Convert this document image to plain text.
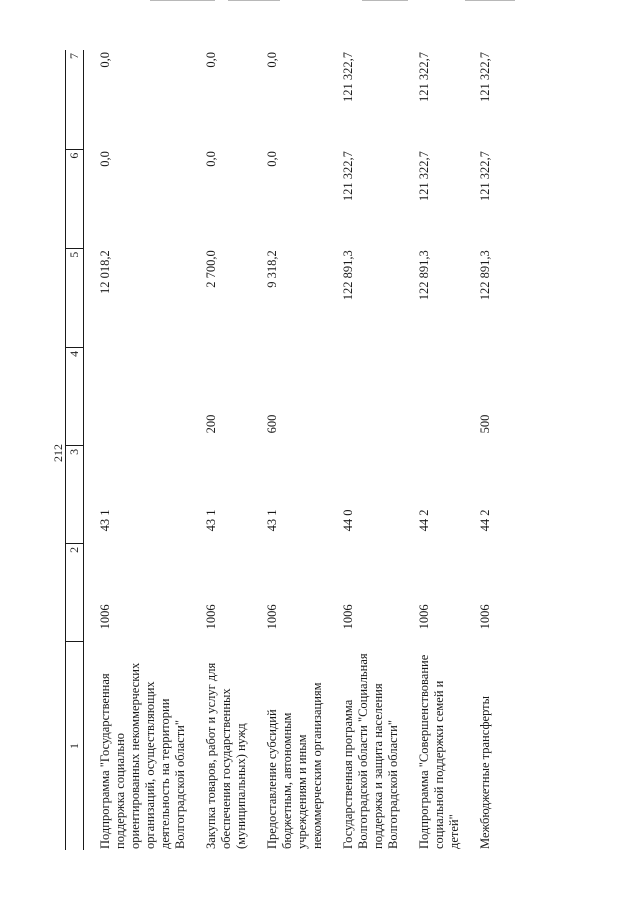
212
1	2	3	4	5	6	7
Подпрограмма "Государственная поддержка социально ориентированных некоммерческих организаций, осуществляющих деятельность на территории Волгоградской области"	1006	43 1		12 018,2	0,0	0,0
Закупка товаров, работ и услуг для обеспечения государственных (муниципальных) нужд	1006	43 1	200	2 700,0	0,0	0,0
Предоставление субсидий бюджетным, автономным учреждениям и иным некоммерческим организациям	1006	43 1	600	9 318,2	0,0	0,0
Государственная программа Волгоградской области "Социальная поддержка и защита населения Волгоградской области"	1006	44 0		122 891,3	121 322,7	121 322,7
Подпрограмма "Совершенствование социальной поддержки семей и детей"	1006	44 2		122 891,3	121 322,7	121 322,7
Межбюджетные трансферты	1006	44 2	500	122 891,3	121 322,7	121 322,7
